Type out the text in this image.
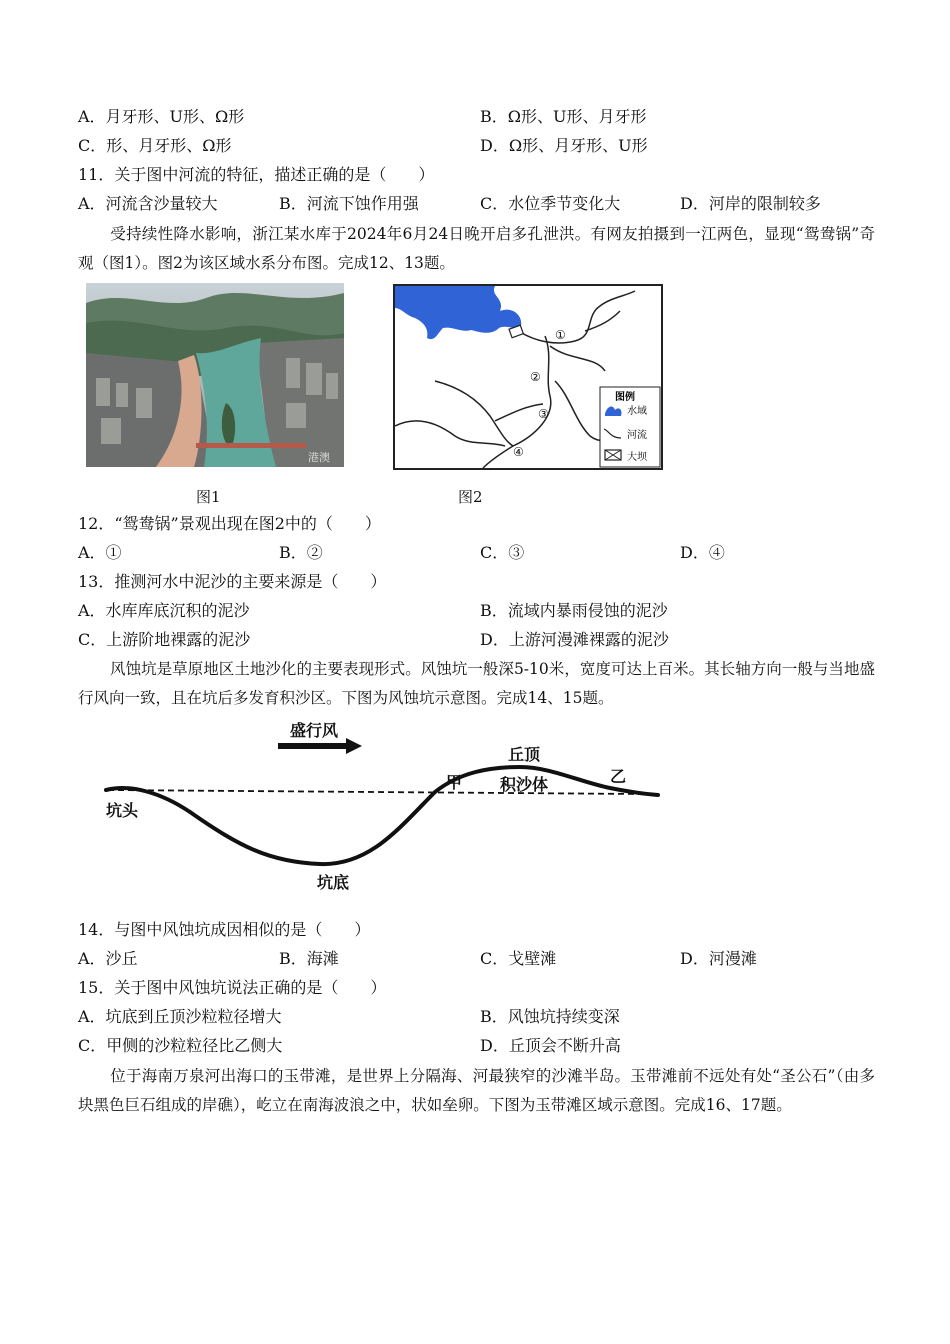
A．月牙形、U形、Ω形	B．Ω形、U形、月牙形
C．形、月牙形、Ω形	D．Ω形、月牙形、U形
11．关于图中河流的特征，描述正确的是（　　）
A．河流含沙量较大	B．河流下蚀作用强	C．水位季节变化大	D．河岸的限制较多
受持续性降水影响，浙江某水库于2024年6月24日晚开启多孔泄洪。有网友拍摄到一江两色，显现“鸳鸯锅”奇观（图1）。图2为该区域水系分布图。完成12、13题。
港澳
①
②
③
④
图例
水域
河流
大坝
图1	图2
12．“鸳鸯锅”景观出现在图2中的（　　）
A．①	B．②	C．③	D．④
13．推测河水中泥沙的主要来源是（　　）
A．水库库底沉积的泥沙	B．流域内暴雨侵蚀的泥沙
C．上游阶地裸露的泥沙	D．上游河漫滩裸露的泥沙
风蚀坑是草原地区土地沙化的主要表现形式。风蚀坑一般深5-10米，宽度可达上百米。其长轴方向一般与当地盛行风向一致，且在坑后多发育积沙区。下图为风蚀坑示意图。完成14、15题。
盛行风
丘顶
积沙体
甲	乙
坑头
坑底
14．与图中风蚀坑成因相似的是（　　）
A．沙丘	B．海滩	C．戈壁滩	D．河漫滩
15．关于图中风蚀坑说法正确的是（　　）
A．坑底到丘顶沙粒粒径增大	B．风蚀坑持续变深
C．甲侧的沙粒粒径比乙侧大	D．丘顶会不断升高
位于海南万泉河出海口的玉带滩，是世界上分隔海、河最狭窄的沙滩半岛。玉带滩前不远处有处“圣公石”（由多块黑色巨石组成的岸礁），屹立在南海波浪之中，状如垒卵。下图为玉带滩区域示意图。完成16、17题。
